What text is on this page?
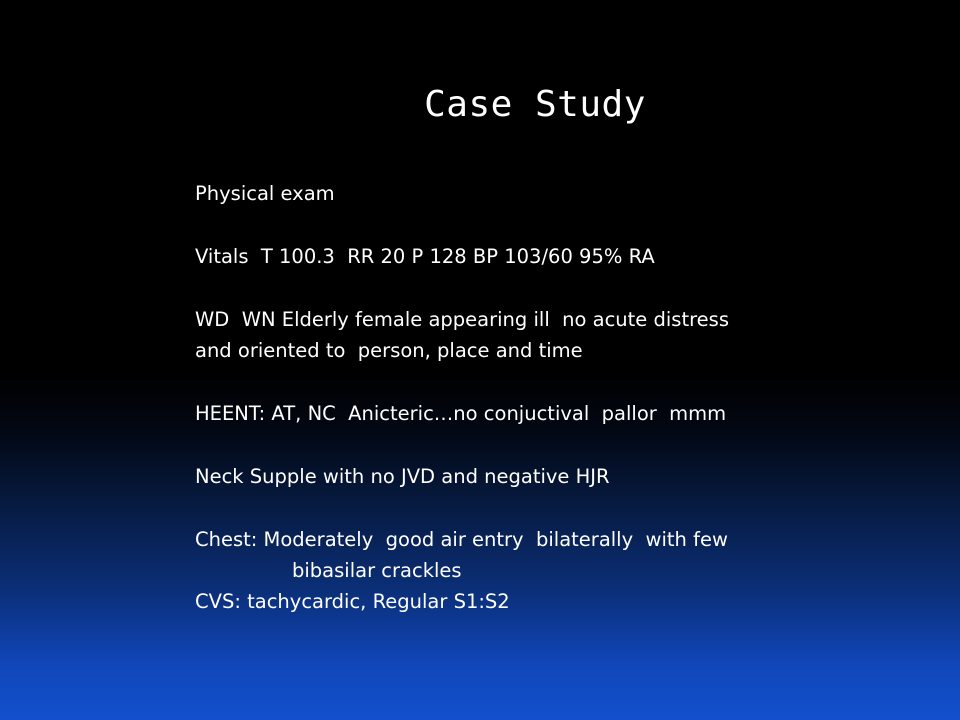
Case Study
Physical exam
Vitals  T 100.3  RR 20 P 128 BP 103/60 95% RA
WD  WN Elderly female appearing ill  no acute distress
and oriented to  person, place and time
HEENT: AT, NC  Anicteric…no conjuctival  pallor  mmm
Neck Supple with no JVD and negative HJR
Chest: Moderately  good air entry  bilaterally  with few
bibasilar crackles
CVS: tachycardic, Regular S1:S2
